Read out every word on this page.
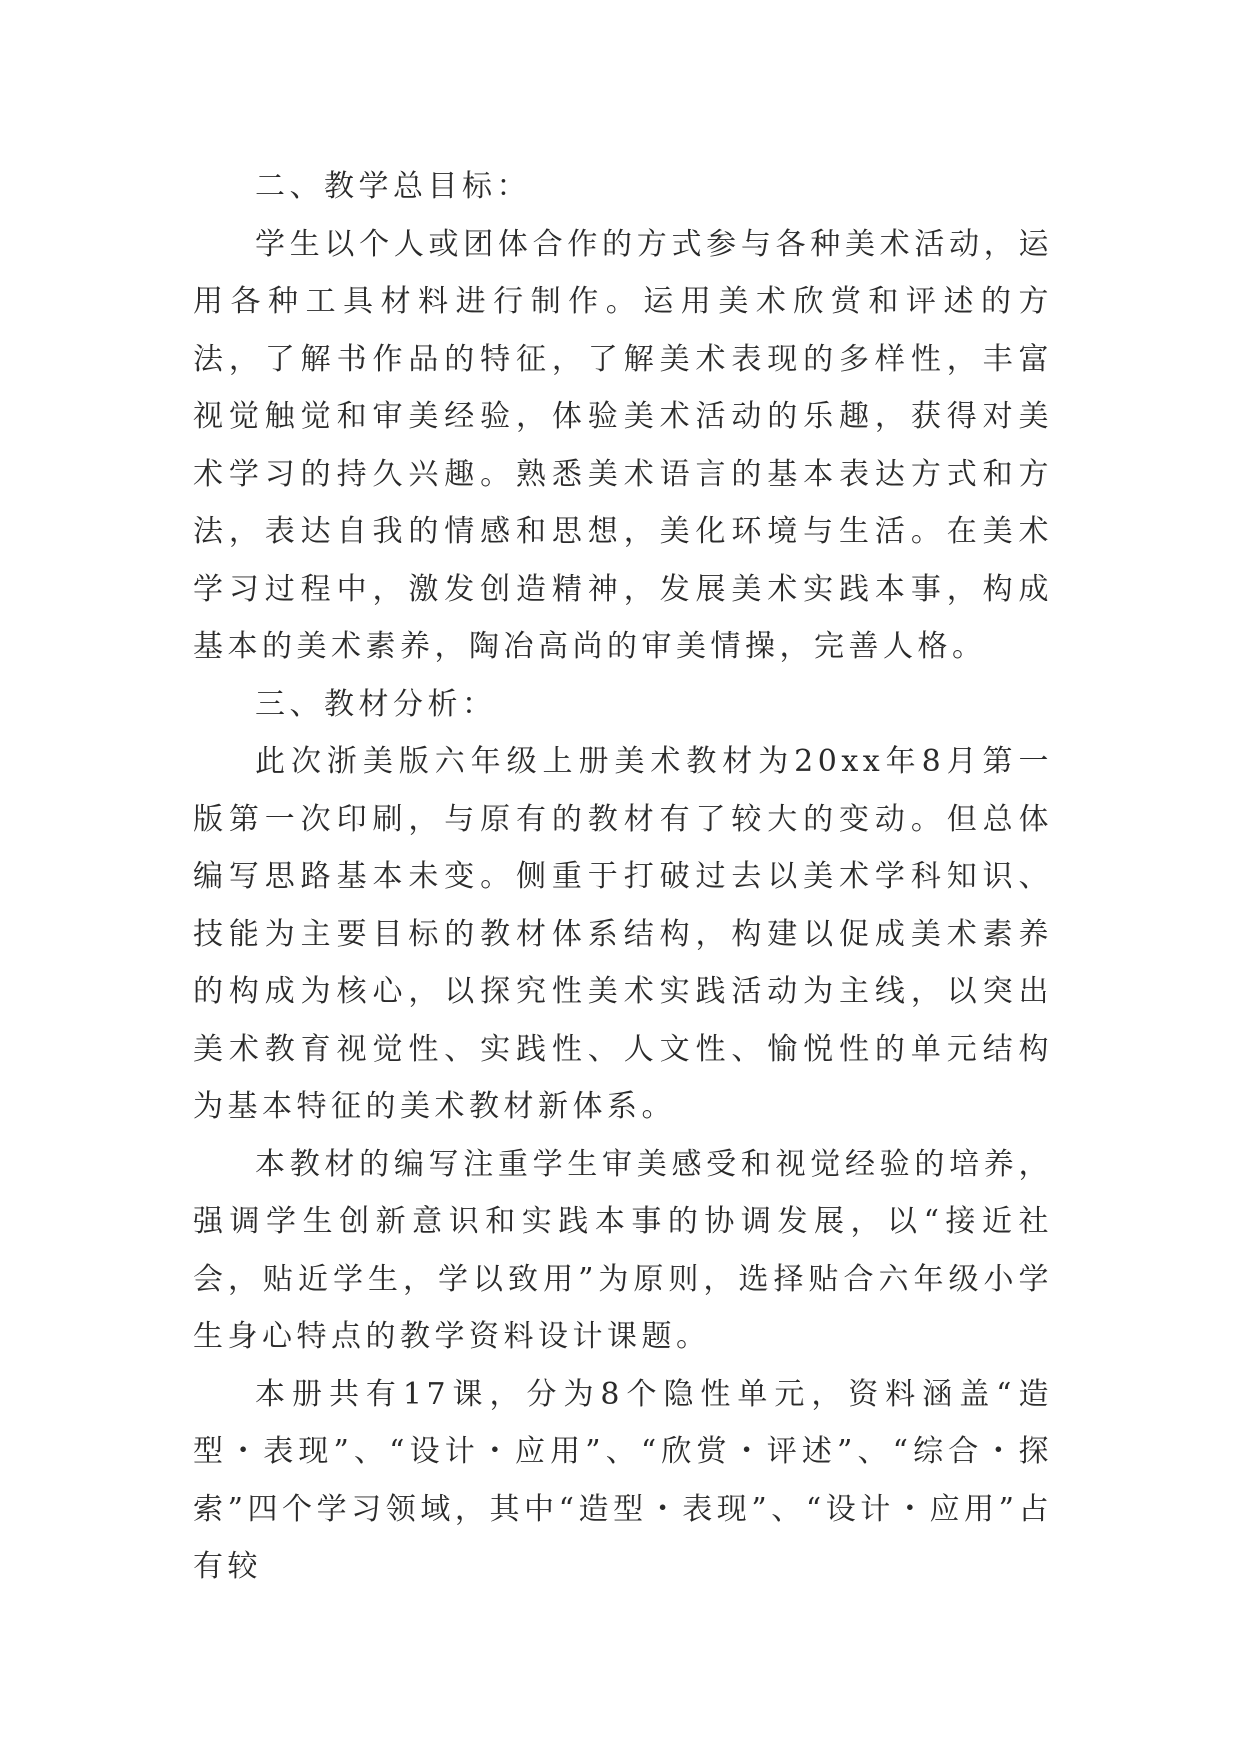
二、教学总目标：

学生以个人或团体合作的方式参与各种美术活动，运用各种工具材料进行制作。运用美术欣赏和评述的方法，了解书作品的特征，了解美术表现的多样性，丰富视觉触觉和审美经验，体验美术活动的乐趣，获得对美术学习的持久兴趣。熟悉美术语言的基本表达方式和方法，表达自我的情感和思想，美化环境与生活。在美术学习过程中，激发创造精神，发展美术实践本事，构成基本的美术素养，陶冶高尚的审美情操，完善人格。

三、教材分析：

此次浙美版六年级上册美术教材为20xx年8月第一版第一次印刷，与原有的教材有了较大的变动。但总体编写思路基本未变。侧重于打破过去以美术学科知识、技能为主要目标的教材体系结构，构建以促成美术素养的构成为核心，以探究性美术实践活动为主线，以突出美术教育视觉性、实践性、人文性、愉悦性的单元结构为基本特征的美术教材新体系。

本教材的编写注重学生审美感受和视觉经验的培养，强调学生创新意识和实践本事的协调发展，以“接近社会，贴近学生，学以致用”为原则，选择贴合六年级小学生身心特点的教学资料设计课题。

本册共有17课，分为8个隐性单元，资料涵盖“造型・表现”、“设计・应用”、“欣赏・评述”、“综合・探索”四个学习领域，其中“造型・表现”、“设计・应用”占有较
